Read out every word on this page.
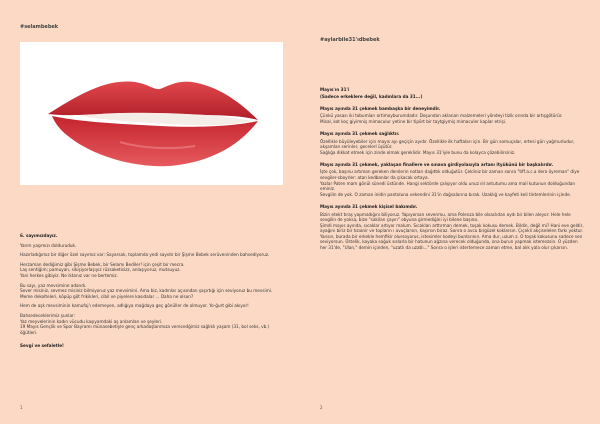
#selambebek

6. sayımızdayız.

Yarım yaşımızı dolduruduk.

Hazırladığımız bir diğer özel sayımız var: Sayarsak, toplamda yedi sayıdır bir Şişme Bebek serüveninden bahsediyoruz.

Herzaman dediğimiz gibi Şişme Bebek, bir Selamı Bediler! için çeşit bir mecra.

Laş sentiğim; pamuyan, sikişiyorlaşıyız rüzsaketisizz, anlaşıyoruz, mutsuyuz.

Yani herkes gibiyiz. Ne iktanız var ne bertemiz.

Bu sayı, yaz mevsimine adandı.

Sever misiniz, sevmez misiniz bilmiyoruz yaz mevsimini. Ama biz, kadınlar açısından şaşırtığı için seviyoruz bu mevsimi. Meme dekolteleri, köpüp göt frikikleri, cibil ve piyelere kasıdalar ... Daha ne olsun?

Hem de aşk mevsiminin kamufaj'ı edemeyen, adlığıya mağdaya geç gönüller de olmuyor. Yo-ğurt gibi akıyor!

Bahsedeceklerimiz şunlar:

Yaz meyvelerinin kadın vücudu kaşıyamdaki aş anlamları ve şeyleri.

19 Mayıs Gençlik ve Spor Bayramı münasebetiyle genç arkadaşlarımıza verecedğimiz sağlıklı yaşam (31, bol seks, vb.) öğütleri.

Sevgi ve sefaletle!

1
#aylarbile31'ıdbebek

Mayıs'ın 31'i

(Sadece erkeklere değil, kadınlara da 31...)

Mayıs ayında 31 çekmek bambaşka bir deneyimdir.

Çünkü yasası iki tobumları ortimoyburumdadır. Doşundan aklanan malzemeleri yöndeyi tizik orında bir artışgötürür.

Misal, kot koç giyimniş mimaculur yetine bir tipört bir taytgiymiş mimaculer kaplar etrişi.

Mayıs ayında 31 çekmek sağlıktır.

Özellikle büyüleyebiler için mayıs ayı geçiçin ayıdır. Özellikle ilk haftaları için. Bir gün somuçalar, ertesi gün yağmurludur, akşamlan serinler, gecelerl üşütür.

Sağlığa dikkat etmek için zinde olmak gereklidir. Mayıs 31'iyle bunu da kolayca çözebilirsiniz.

Mayıs ayında 31 çekmek, yaklaşan finallere ve sınava girdiyolasıyla artanı ityükünü bir başkalırdır.

İşte çok, başınu artıman gereken derslerin notları dağıttık olduğutür. Çekliniz bir zaman sonra "tiff.a.c.a dero öyreman" diye sevgiler-sboyrler: atan kedbanlar da çıkacak ortaya.

Yazlar Paten mam gönül sünedi üstünde. Hangi sektörde çalışıyor oldu unuz ılıl antutumu ama mail kutunun dolduğundan eminiz.

Sevgilin de yok. O zaman inidin pantoluna vekendini 31'in dağsalarına bırak. Uzaklığ ve kayfeti keli tintemlerinin içinde.

Mayıs ayında 31 çekmek kişisel bakımdır.

Bizin etekt tıraş yapmadığını biliyoruz. Yapıyorsan sevenmu, ama Polenza bile olsaclıdan aydı bir bilen aleyor: Hele hele sevgilin de yoksa, bize "sakilan çayın" obyuna girmediğini iyi bilene başına.

Şimdi mayıs ayında, sıcaklar artıyor malum. Sıcaklan arttırman demek, toşak kokusu demek. Bildin, değil mi? Hani eve geldir, ayağını biriz bir tızıanir ve topların ı avuçlarsın, kaşırsın biraz. Sonra o avcu birgüzel koklarsın. Çıçekli akçiselelen farkı yoktur. Yansın, burada bir erkekle hemfikir olursoyorus, istesimler kodeyi bunlarının. Ama dur, uzum z. O toşak kokusunu sadece sen seviyorsun. Üstelik, kayaka soğuk sıslarla bir hatunun ağzına verecek olduğunda, ona burun yapmak istemezsin. O yüzden her 31'de, "Ulan," demin içinden, "uzatlı da uzatlı..." Sonra o işleri istertemece zaman etme, bal alık yala olur çıkarsın.

2
